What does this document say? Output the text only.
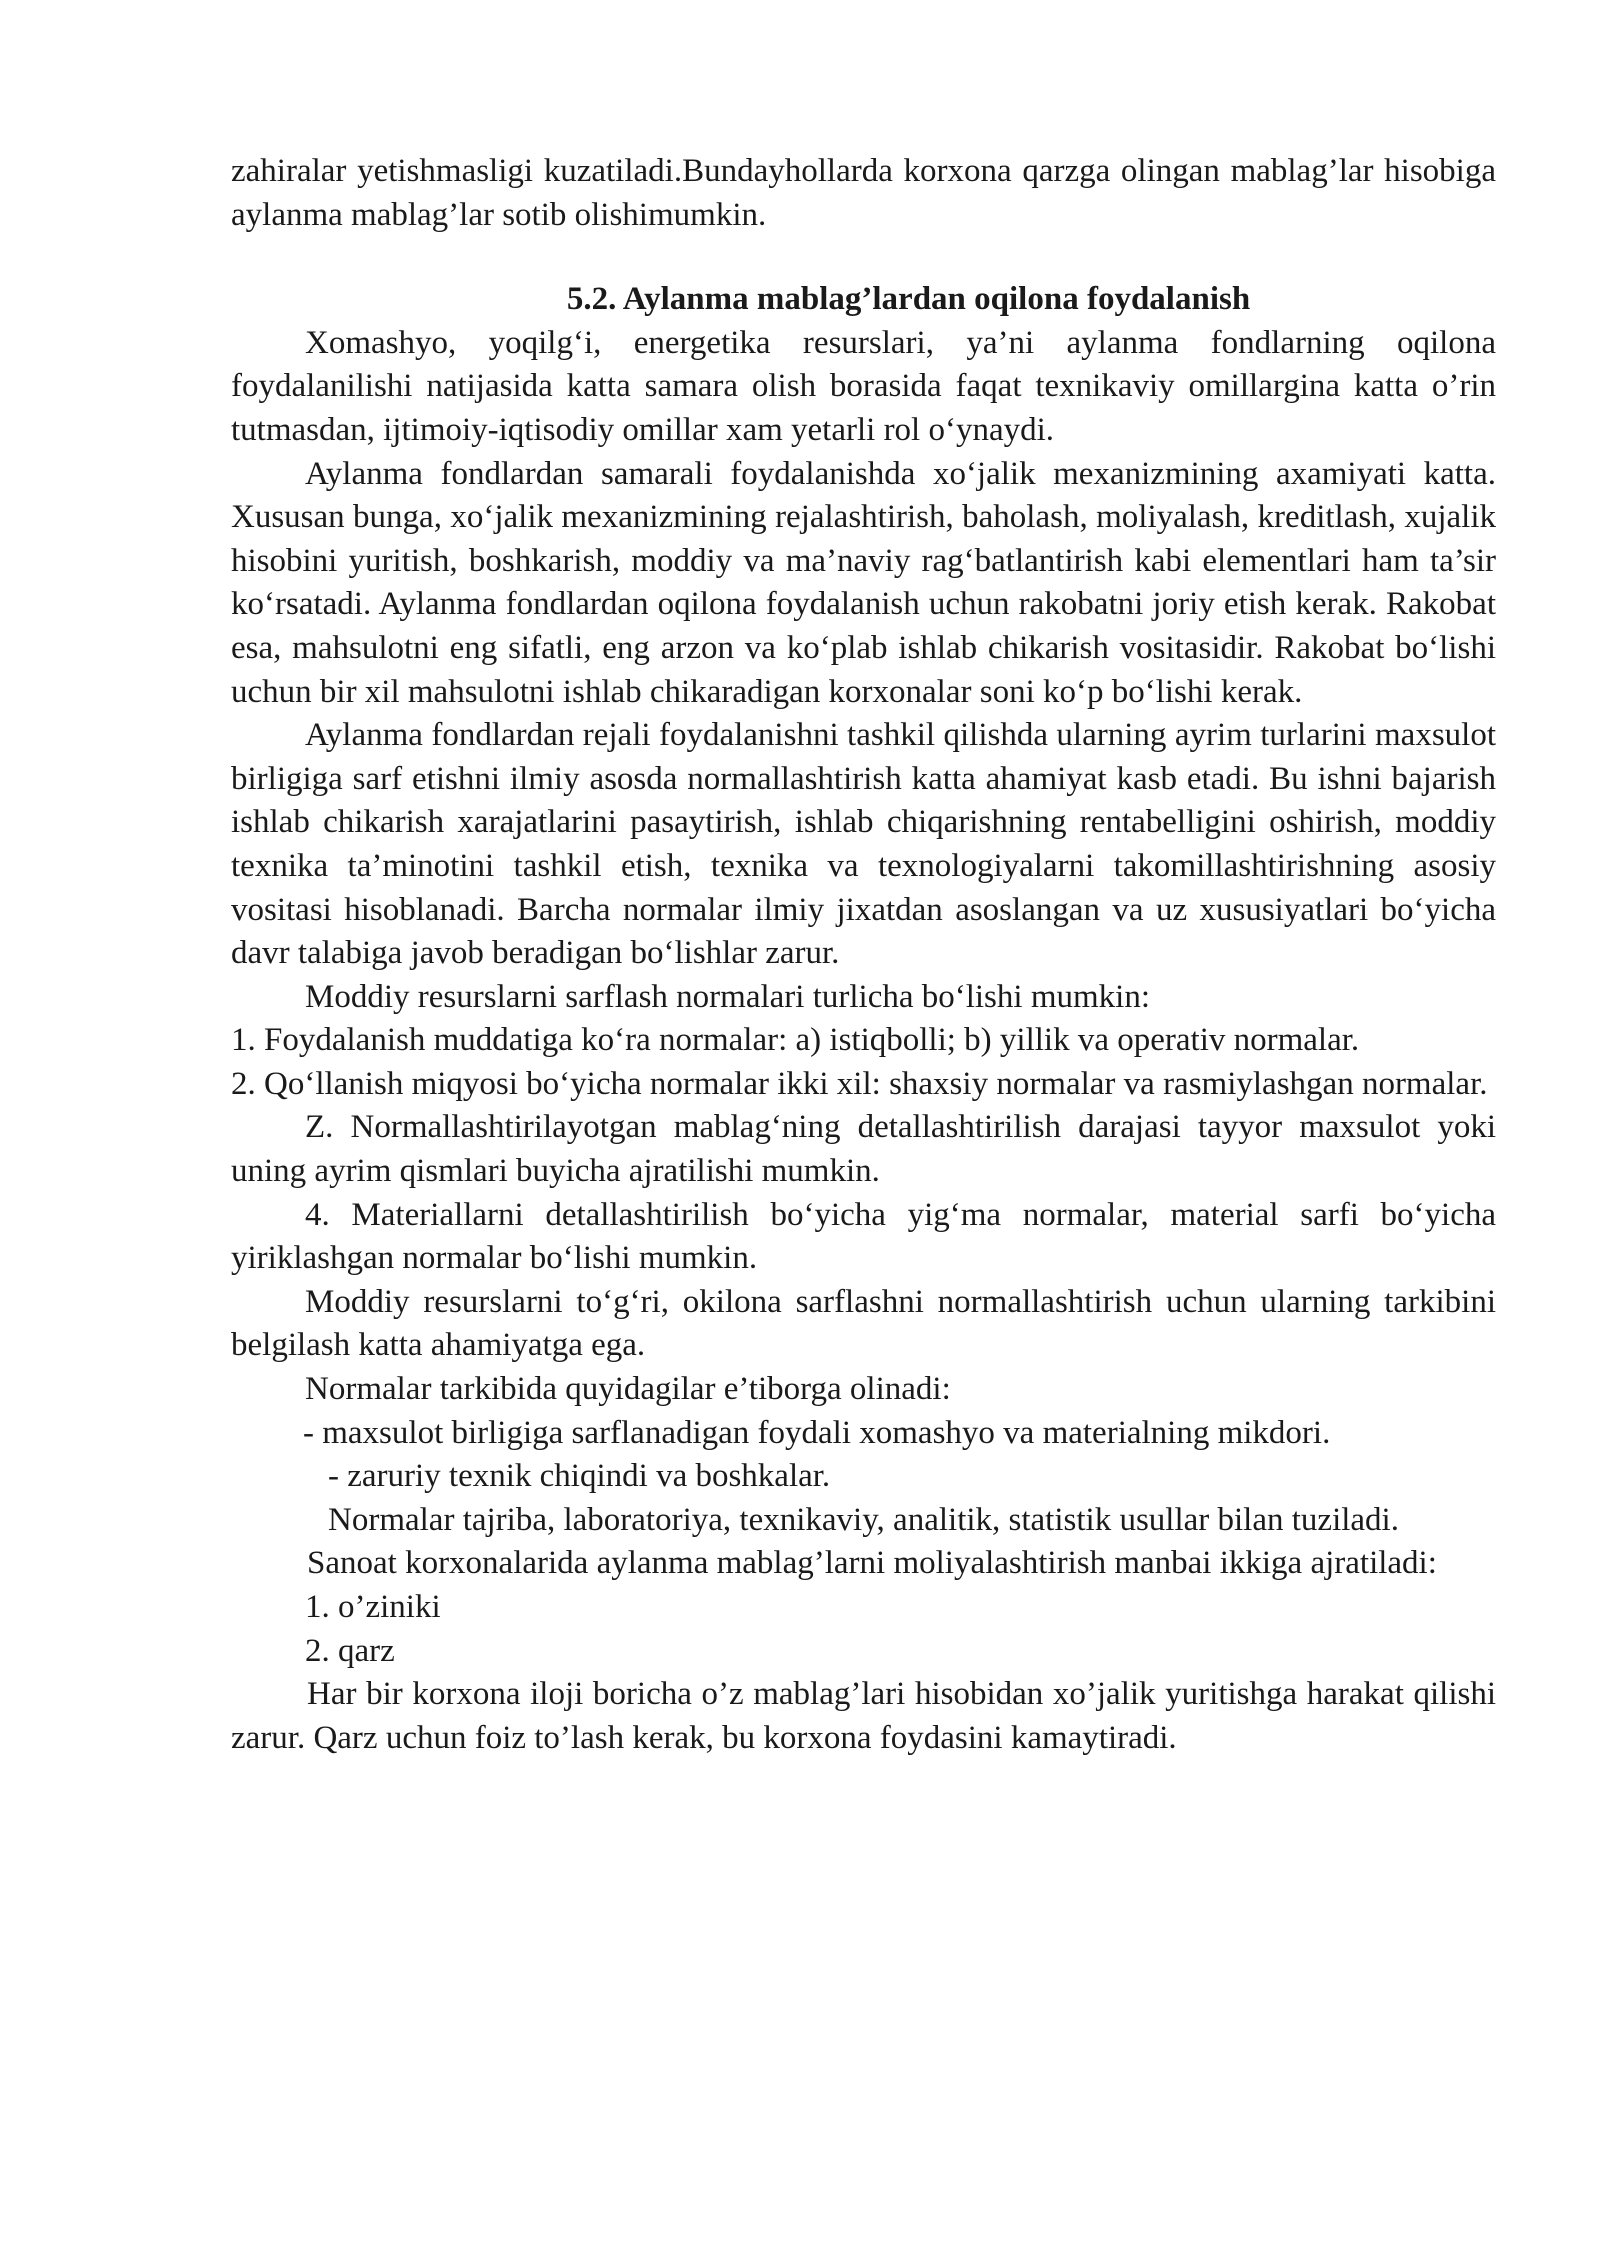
zahiralar yetishmasligi kuzatiladi.Bundayhollarda korxona qarzga olingan mablag’lar hisobiga aylanma mablag’lar sotib olishimumkin.

5.2. Aylanma mablag’lardan oqilona foydalanish

Xomashyo, yoqilg‘i, energetika resurslari, ya’ni aylanma fondlarning oqilona foydalanilishi natijasida katta samara olish borasida faqat texnikaviy omillargina katta o’rin tutmasdan, ijtimoiy-iqtisodiy omillar xam yetarli rol o‘ynaydi.

Aylanma fondlardan samarali foydalanishda xo‘jalik mexanizmining axamiyati katta. Xususan bunga, xo‘jalik mexanizmining rejalashtirish, baholash, moliyalash, kreditlash, xujalik hisobini yuritish, boshkarish, moddiy va ma’naviy rag‘batlantirish kabi elementlari ham ta’sir ko‘rsatadi. Aylanma fondlardan oqilona foydalanish uchun rakobatni joriy etish kerak. Rakobat esa, mahsulotni eng sifatli, eng arzon va ko‘plab ishlab chikarish vositasidir. Rakobat bo‘lishi uchun bir xil mahsulotni ishlab chikaradigan korxonalar soni ko‘p bo‘lishi kerak.

Aylanma fondlardan rejali foydalanishni tashkil qilishda ularning ayrim turlarini maxsulot birligiga sarf etishni ilmiy asosda normallashtirish katta ahamiyat kasb etadi. Bu ishni bajarish ishlab chikarish xarajatlarini pasaytirish, ishlab chiqarishning rentabelligini oshirish, moddiy texnika ta’minotini tashkil etish, texnika va texnologiyalarni takomillashtirishning asosiy vositasi hisoblanadi. Barcha normalar ilmiy jixatdan asoslangan va uz xususiyatlari bo‘yicha davr talabiga javob beradigan bo‘lishlar zarur.

Moddiy resurslarni sarflash normalari turlicha bo‘lishi mumkin:

1. Foydalanish muddatiga ko‘ra normalar: a) istiqbolli; b) yillik va operativ normalar.

2. Qo‘llanish miqyosi bo‘yicha normalar ikki xil: shaxsiy normalar va rasmiylashgan normalar.

Z. Normallashtirilayotgan mablag‘ning detallashtirilish darajasi tayyor maxsulot yoki uning ayrim qismlari buyicha ajratilishi mumkin.

4. Materiallarni detallashtirilish bo‘yicha yig‘ma normalar, material sarfi bo‘yicha yiriklashgan normalar bo‘lishi mumkin.

Moddiy resurslarni to‘g‘ri, okilona sarflashni normallashtirish uchun ularning tarkibini belgilash katta ahamiyatga ega.

Normalar tarkibida quyidagilar e’tiborga olinadi:

- maxsulot birligiga sarflanadigan foydali xomashyo va materialning mikdori.

- zaruriy texnik chiqindi va boshkalar.

Normalar tajriba, laboratoriya, texnikaviy, analitik, statistik usullar bilan tuziladi.

Sanoat korxonalarida aylanma mablag’larni moliyalashtirish manbai ikkiga ajratiladi:

1. o’ziniki

2. qarz

Har bir korxona iloji boricha o’z mablag’lari hisobidan xo’jalik yuritishga harakat qilishi zarur. Qarz uchun foiz to’lash kerak, bu korxona foydasini kamaytiradi.
